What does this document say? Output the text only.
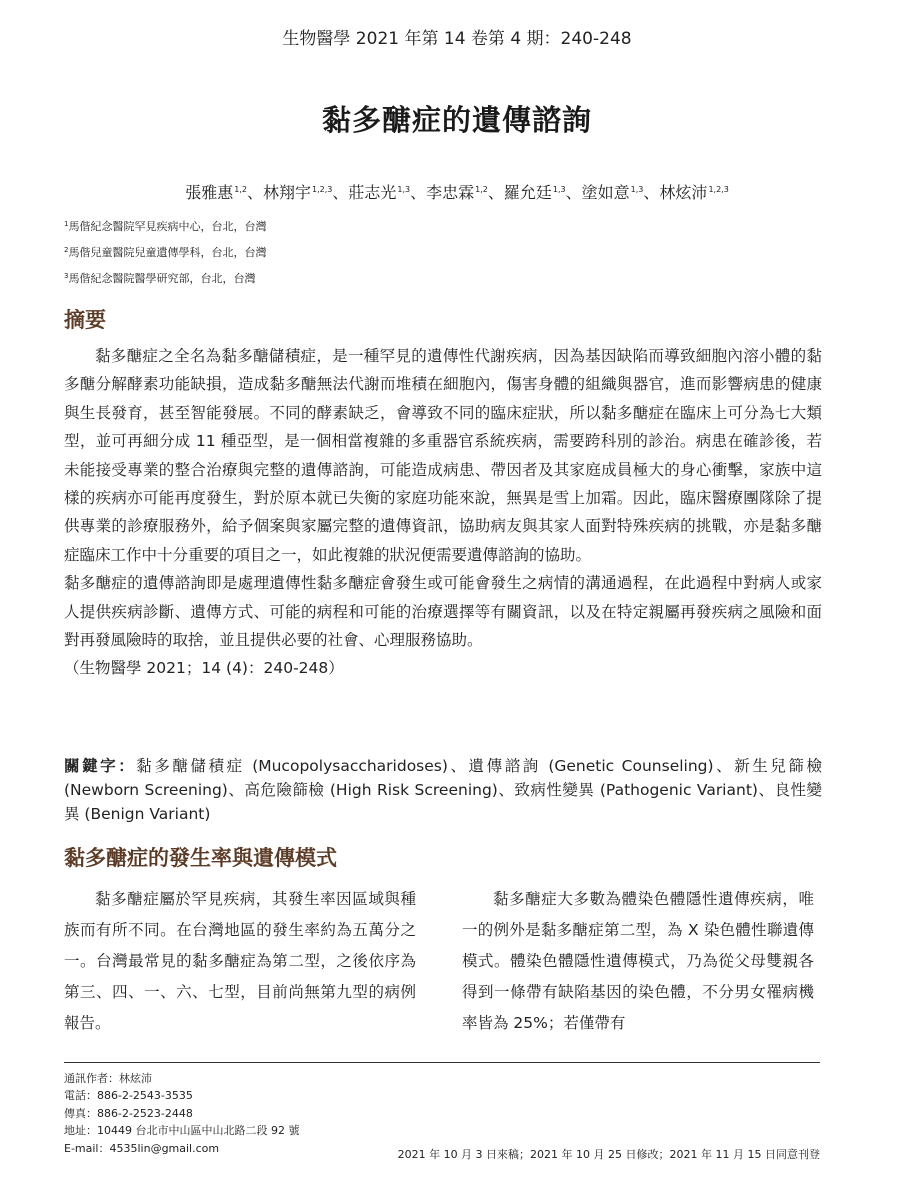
生物醫學 2021 年第 14 卷第 4 期：240-248
黏多醣症的遺傳諮詢
張雅惠$^{1,2}$、林翔宇$^{1,2,3}$、莊志光$^{1,3}$、李忠霖$^{1,2}$、羅允廷$^{1,3}$、塗如意$^{1,3}$、林炫沛$^{1,2,3}$
$^1$馬偕紀念醫院罕見疾病中心，台北，台灣
$^2$馬偕兒童醫院兒童遺傳學科，台北，台灣
$^3$馬偕紀念醫院醫學研究部，台北，台灣
摘要

黏多醣症之全名為黏多醣儲積症，是一種罕見的遺傳性代謝疾病，因為基因缺陷而導致細胞內溶小體的黏多醣分解酵素功能缺損，造成黏多醣無法代謝而堆積在細胞內，傷害身體的組織與器官，進而影響病患的健康與生長發育，甚至智能發展。不同的酵素缺乏，會導致不同的臨床症狀，所以黏多醣症在臨床上可分為七大類型，並可再細分成 11 種亞型，是一個相當複雜的多重器官系統疾病，需要跨科別的診治。病患在確診後，若未能接受專業的整合治療與完整的遺傳諮詢，可能造成病患、帶因者及其家庭成員極大的身心衝擊，家族中這樣的疾病亦可能再度發生，對於原本就已失衡的家庭功能來說，無異是雪上加霜。因此，臨床醫療團隊除了提供專業的診療服務外，給予個案與家屬完整的遺傳資訊，協助病友與其家人面對特殊疾病的挑戰，亦是黏多醣症臨床工作中十分重要的項目之一，如此複雜的狀況便需要遺傳諮詢的協助。

黏多醣症的遺傳諮詢即是處理遺傳性黏多醣症會發生或可能會發生之病情的溝通過程，在此過程中對病人或家人提供疾病診斷、遺傳方式、可能的病程和可能的治療選擇等有關資訊，以及在特定親屬再發疾病之風險和面對再發風險時的取捨，並且提供必要的社會、心理服務協助。

（生物醫學 2021；14 (4)：240-248）

關鍵字：黏多醣儲積症 (Mucopolysaccharidoses)、遺傳諮詢 (Genetic Counseling)、新生兒篩檢 (Newborn Screening)、高危險篩檢 (High Risk Screening)、致病性變異 (Pathogenic Variant)、良性變異 (Benign Variant)
黏多醣症的發生率與遺傳模式
黏多醣症屬於罕見疾病，其發生率因區域與種族而有所不同。在台灣地區的發生率約為五萬分之一。台灣最常見的黏多醣症為第二型，之後依序為第三、四、一、六、七型，目前尚無第九型的病例報告。
黏多醣症大多數為體染色體隱性遺傳疾病，唯一的例外是黏多醣症第二型，為 X 染色體性聯遺傳模式。體染色體隱性遺傳模式，乃為從父母雙親各得到一條帶有缺陷基因的染色體，不分男女罹病機率皆為 25%；若僅帶有
通訊作者：林炫沛
電話：886-2-2543-3535
傳真：886-2-2523-2448
地址：10449 台北市中山區中山北路二段 92 號
E-mail：4535lin@gmail.com	2021 年 10 月 3 日來稿；2021 年 10 月 25 日修改；2021 年 11 月 15 日同意刊登
